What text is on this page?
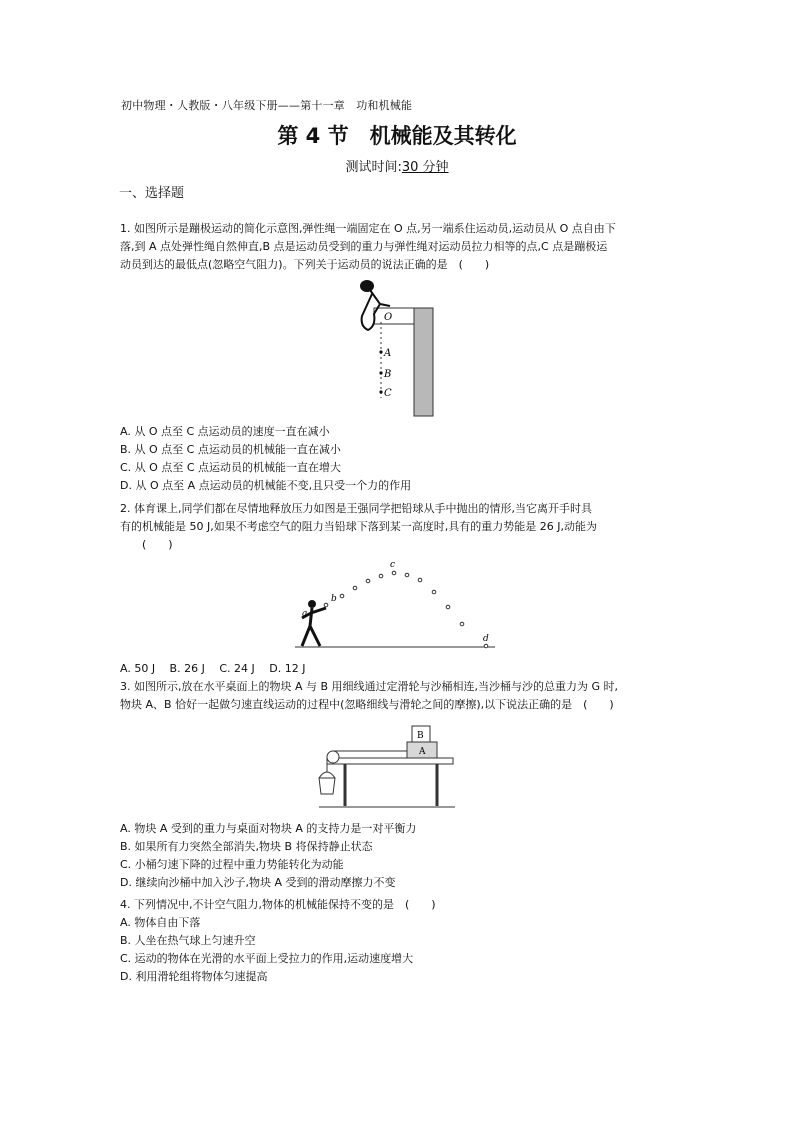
初中物理・人教版・八年级下册——第十一章　功和机械能
第 4 节　机械能及其转化
测试时间:30 分钟
一、选择题
1. 如图所示是蹦极运动的简化示意图,弹性绳一端固定在 O 点,另一端系住运动员,运动员从 O 点自由下
落,到 A 点处弹性绳自然伸直,B 点是运动员受到的重力与弹性绳对运动员拉力相等的点,C 点是蹦极运
动员到达的最低点(忽略空气阻力)。下列关于运动员的说法正确的是　(　　)
O
A
B
C
A. 从 O 点至 C 点运动员的速度一直在减小
B. 从 O 点至 C 点运动员的机械能一直在减小
C. 从 O 点至 C 点运动员的机械能一直在增大
D. 从 O 点至 A 点运动员的机械能不变,且只受一个力的作用
2. 体育课上,同学们都在尽情地释放压力如图是王强同学把铅球从手中抛出的情形,当它离开手时具
有的机械能是 50 J,如果不考虑空气的阻力当铅球下落到某一高度时,具有的重力势能是 26 J,动能为
　　(　　)
a
b
c
d
A. 50 J　 B. 26 J　 C. 24 J　 D. 12 J
3. 如图所示,放在水平桌面上的物块 A 与 B 用细线通过定滑轮与沙桶相连,当沙桶与沙的总重力为 G 时,
物块 A、B 恰好一起做匀速直线运动的过程中(忽略细线与滑轮之间的摩擦),以下说法正确的是　(　　)
B
A
A. 物块 A 受到的重力与桌面对物块 A 的支持力是一对平衡力
B. 如果所有力突然全部消失,物块 B 将保持静止状态
C. 小桶匀速下降的过程中重力势能转化为动能
D. 继续向沙桶中加入沙子,物块 A 受到的滑动摩擦力不变
4. 下列情况中,不计空气阻力,物体的机械能保持不变的是　(　　)
A. 物体自由下落
B. 人坐在热气球上匀速升空
C. 运动的物体在光滑的水平面上受拉力的作用,运动速度增大
D. 利用滑轮组将物体匀速提高
